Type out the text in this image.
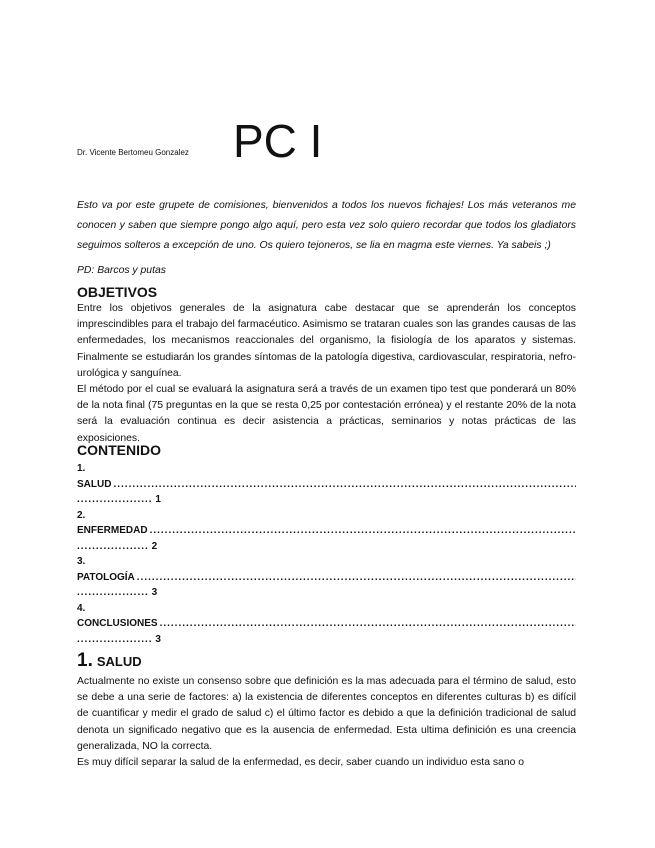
Dr. Vicente Bertomeu Gonzalez PC I

Esto va por este grupete de comisiones, bienvenidos a todos los nuevos fichajes! Los más veteranos me conocen y saben que siempre pongo algo aquí, pero esta vez solo quiero recordar que todos los gladiators seguimos solteros a excepción de uno. Os quiero tejoneros, se lia en magma este viernes. Ya sabeis ;)

PD: Barcos y putas
OBJETIVOS

Entre los objetivos generales de la asignatura cabe destacar que se aprenderán los conceptos imprescindibles para el trabajo del farmacéutico. Asimismo se trataran cuales son las grandes causas de las enfermedades, los mecanismos reaccionales del organismo, la fisiología de los aparatos y sistemas. Finalmente se estudiarán los grandes síntomas de la patología digestiva, cardiovascular, respiratoria, nefro-urológica y sanguínea.

El método por el cual se evaluará la asignatura será a través de un examen tipo test que ponderará un 80% de la nota final (75 preguntas en la que se resta 0,25 por contestación errónea) y el restante 20% de la nota será la evaluación continua es decir asistencia a prácticas, seminarios y notas prácticas de las exposiciones.

CONTENIDO
1.
SALUD
.....
.................... 1
2.
ENFERMEDAD
.....
................... 2
3.
PATOLOGÍA
.....
................... 3
4.
CONCLUSIONES
.....
.................... 3
1. SALUD

Actualmente no existe un consenso sobre que definición es la mas adecuada para el término de salud, esto se debe a una serie de factores: a) la existencia de diferentes conceptos en diferentes culturas b) es difícil de cuantificar y medir el grado de salud c) el último factor es debido a que la definición tradicional de salud denota un significado negativo que es la ausencia de enfermedad. Esta ultima definición es una creencia generalizada, NO la correcta.

Es muy difícil separar la salud de la enfermedad, es decir, saber cuando un individuo esta sano o
